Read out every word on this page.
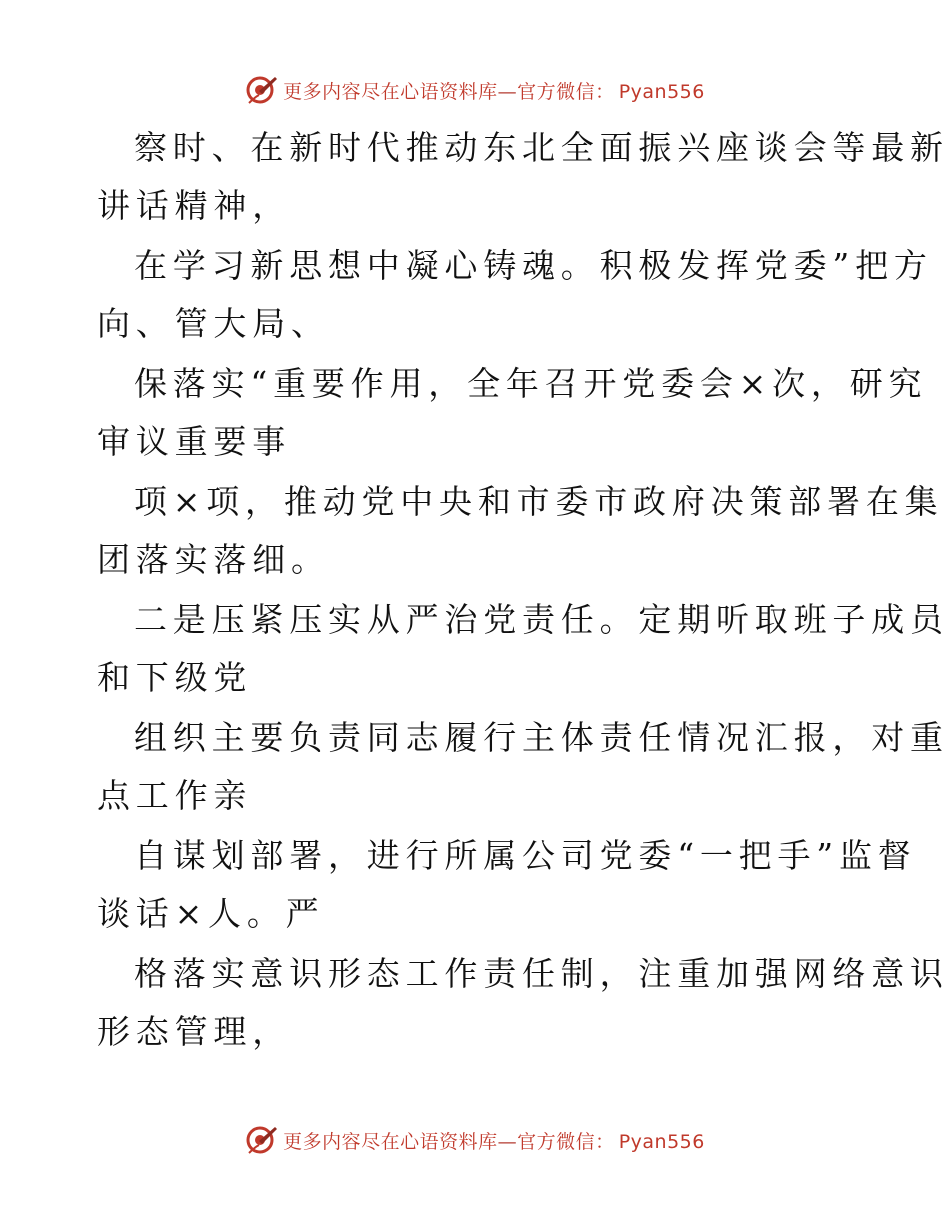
更多内容尽在心语资料库—官方微信： Pyan556
察时、在新时代推动东北全面振兴座谈会等最新
讲话精神，
在学习新思想中凝心铸魂。积极发挥党委”把方
向、管大局、
保落实“重要作用，全年召开党委会×次，研究
审议重要事
项×项，推动党中央和市委市政府决策部署在集
团落实落细。
二是压紧压实从严治党责任。定期听取班子成员
和下级党
组织主要负责同志履行主体责任情况汇报，对重
点工作亲
自谋划部署，进行所属公司党委“一把手”监督
谈话×人。严
格落实意识形态工作责任制，注重加强网络意识
形态管理，
更多内容尽在心语资料库—官方微信： Pyan556
